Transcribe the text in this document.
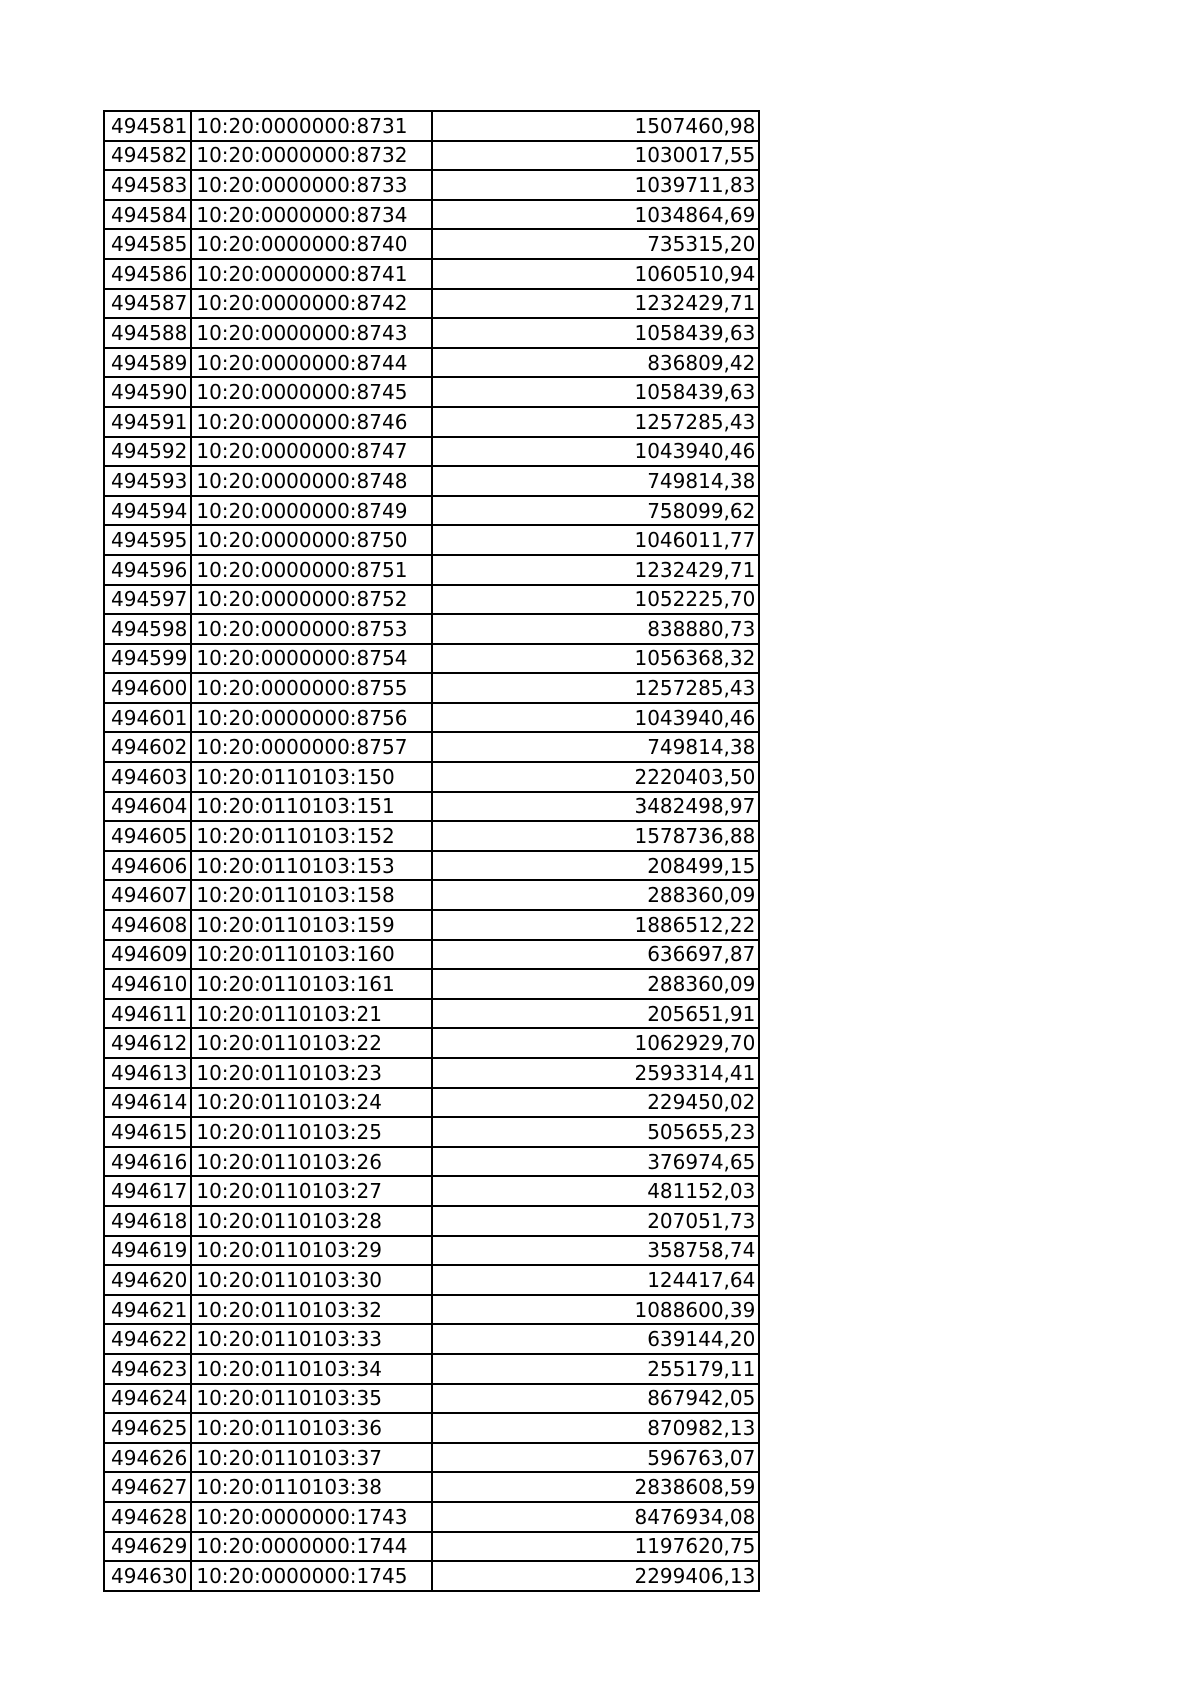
494581	10:20:0000000:8731	1507460,98
494582	10:20:0000000:8732	1030017,55
494583	10:20:0000000:8733	1039711,83
494584	10:20:0000000:8734	1034864,69
494585	10:20:0000000:8740	735315,20
494586	10:20:0000000:8741	1060510,94
494587	10:20:0000000:8742	1232429,71
494588	10:20:0000000:8743	1058439,63
494589	10:20:0000000:8744	836809,42
494590	10:20:0000000:8745	1058439,63
494591	10:20:0000000:8746	1257285,43
494592	10:20:0000000:8747	1043940,46
494593	10:20:0000000:8748	749814,38
494594	10:20:0000000:8749	758099,62
494595	10:20:0000000:8750	1046011,77
494596	10:20:0000000:8751	1232429,71
494597	10:20:0000000:8752	1052225,70
494598	10:20:0000000:8753	838880,73
494599	10:20:0000000:8754	1056368,32
494600	10:20:0000000:8755	1257285,43
494601	10:20:0000000:8756	1043940,46
494602	10:20:0000000:8757	749814,38
494603	10:20:0110103:150	2220403,50
494604	10:20:0110103:151	3482498,97
494605	10:20:0110103:152	1578736,88
494606	10:20:0110103:153	208499,15
494607	10:20:0110103:158	288360,09
494608	10:20:0110103:159	1886512,22
494609	10:20:0110103:160	636697,87
494610	10:20:0110103:161	288360,09
494611	10:20:0110103:21	205651,91
494612	10:20:0110103:22	1062929,70
494613	10:20:0110103:23	2593314,41
494614	10:20:0110103:24	229450,02
494615	10:20:0110103:25	505655,23
494616	10:20:0110103:26	376974,65
494617	10:20:0110103:27	481152,03
494618	10:20:0110103:28	207051,73
494619	10:20:0110103:29	358758,74
494620	10:20:0110103:30	124417,64
494621	10:20:0110103:32	1088600,39
494622	10:20:0110103:33	639144,20
494623	10:20:0110103:34	255179,11
494624	10:20:0110103:35	867942,05
494625	10:20:0110103:36	870982,13
494626	10:20:0110103:37	596763,07
494627	10:20:0110103:38	2838608,59
494628	10:20:0000000:1743	8476934,08
494629	10:20:0000000:1744	1197620,75
494630	10:20:0000000:1745	2299406,13
